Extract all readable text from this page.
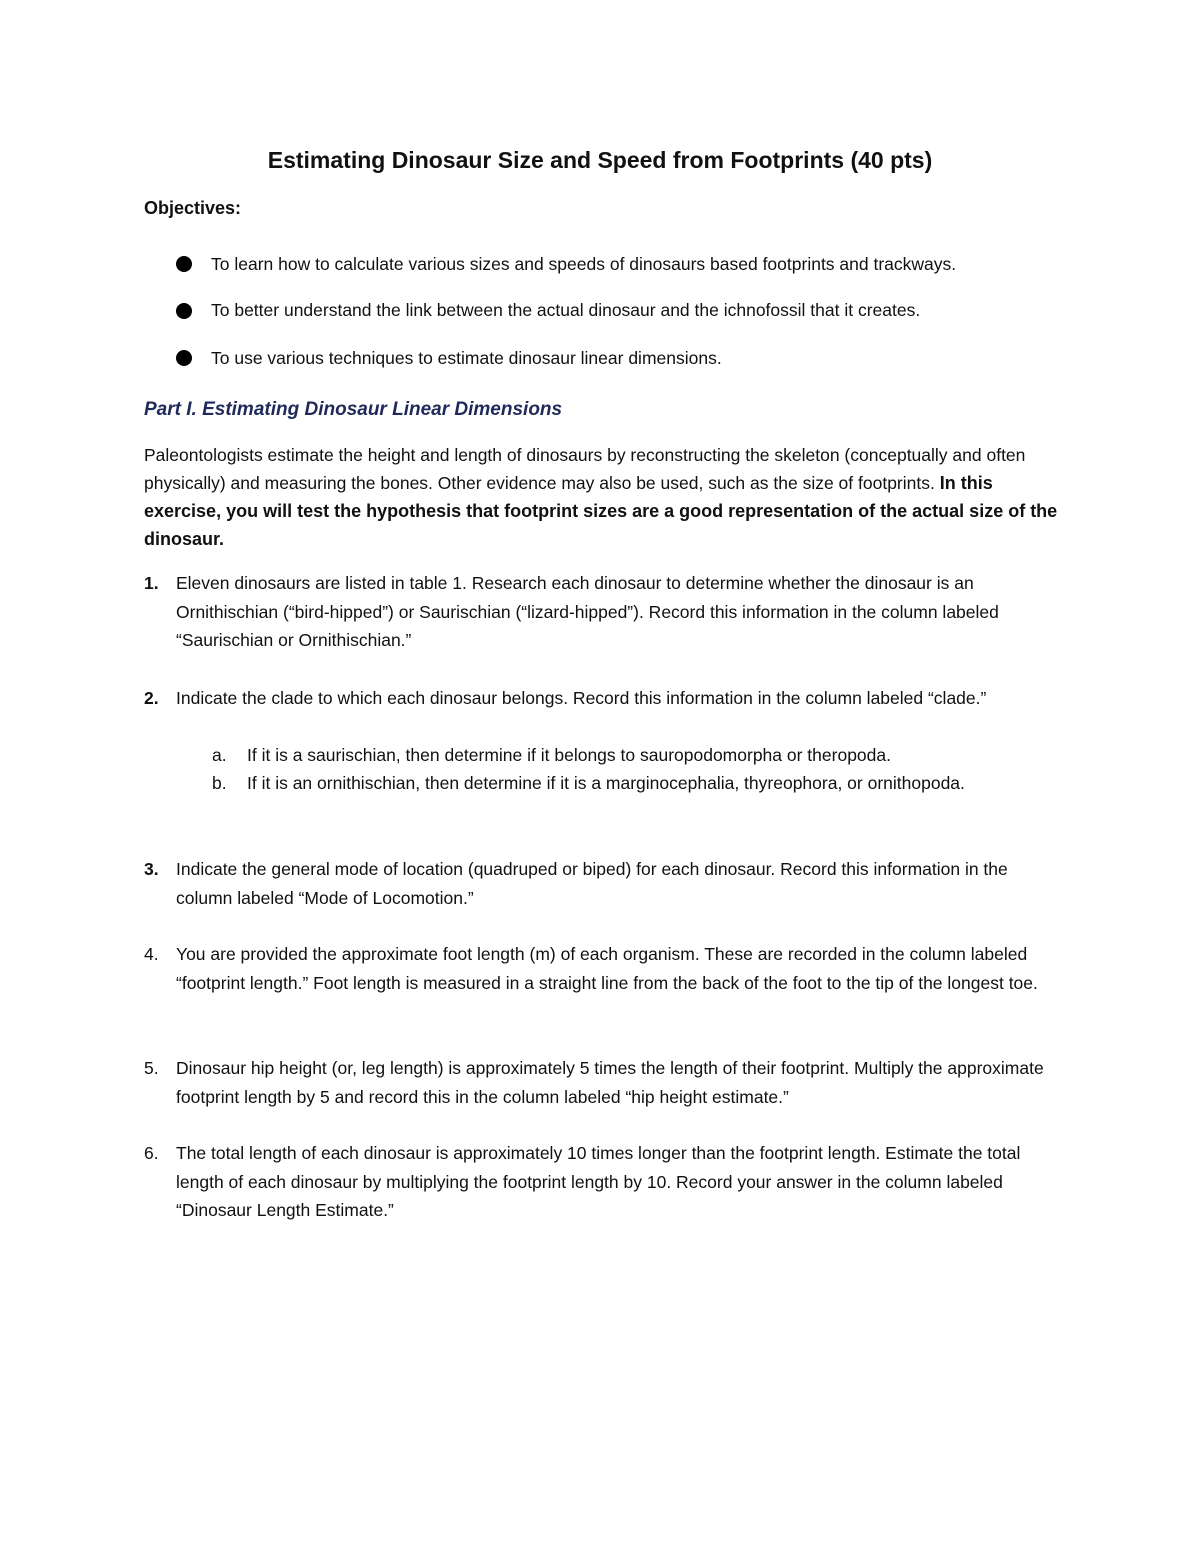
Estimating Dinosaur Size and Speed from Footprints (40 pts)
Objectives:
To learn how to calculate various sizes and speeds of dinosaurs based footprints and trackways.
To better understand the link between the actual dinosaur and the ichnofossil that it creates.
To use various techniques to estimate dinosaur linear dimensions.
Part I. Estimating Dinosaur Linear Dimensions
Paleontologists estimate the height and length of dinosaurs by reconstructing the skeleton (conceptually and often physically) and measuring the bones. Other evidence may also be used, such as the size of footprints. In this exercise, you will test the hypothesis that footprint sizes are a good representation of the actual size of the dinosaur.
1. Eleven dinosaurs are listed in table 1. Research each dinosaur to determine whether the dinosaur is an Ornithischian (“bird-hipped”) or Saurischian (“lizard-hipped”). Record this information in the column labeled “Saurischian or Ornithischian.”
2. Indicate the clade to which each dinosaur belongs. Record this information in the column labeled “clade.”
a. If it is a saurischian, then determine if it belongs to sauropodomorpha or theropoda.
b. If it is an ornithischian, then determine if it is a marginocephalia, thyreophora, or ornithopoda.
3. Indicate the general mode of location (quadruped or biped) for each dinosaur. Record this information in the column labeled “Mode of Locomotion.”
4. You are provided the approximate foot length (m) of each organism. These are recorded in the column labeled “footprint length.” Foot length is measured in a straight line from the back of the foot to the tip of the longest toe.
5. Dinosaur hip height (or, leg length) is approximately 5 times the length of their footprint. Multiply the approximate footprint length by 5 and record this in the column labeled “hip height estimate.”
6. The total length of each dinosaur is approximately 10 times longer than the footprint length. Estimate the total length of each dinosaur by multiplying the footprint length by 10. Record your answer in the column labeled “Dinosaur Length Estimate.”
